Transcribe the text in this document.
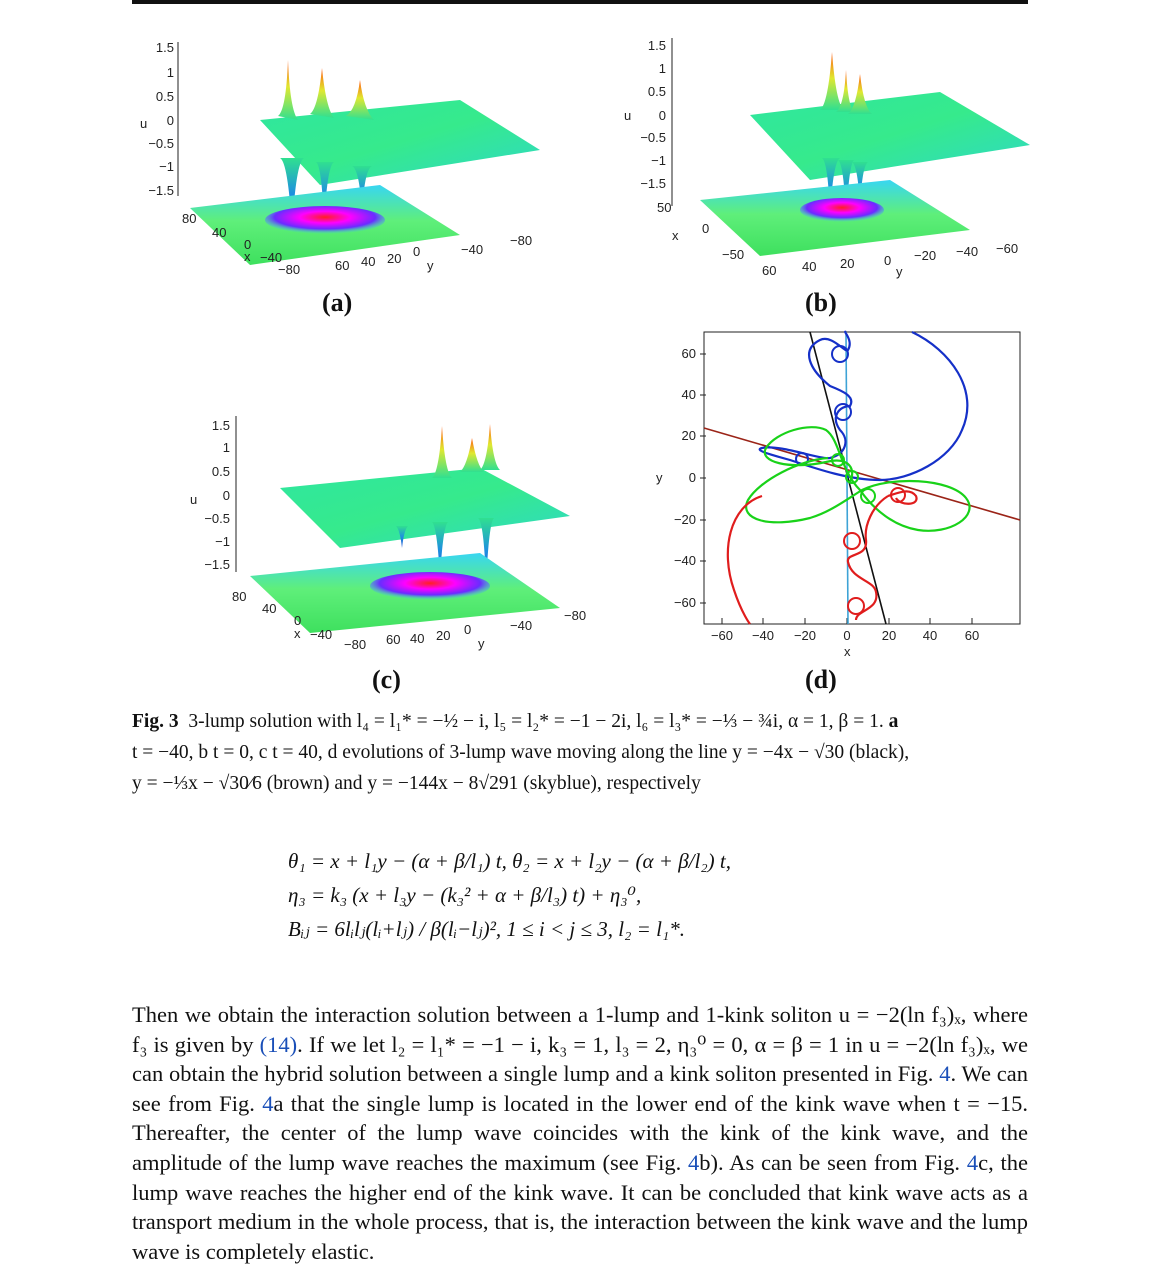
1.5
1
0.5
0
−0.5
−1
−1.5
u
80
40
0
x −40
−80	60 40 20 0
y
−40
−80
(a)
1.5
1
0.5
0
−0.5
−1
−1.5
u
50
x 0
−50
60 40 20 0
y
−20 −40 −60
(b)
1.5
1
0.5
0
−0.5
−1
−1.5
u
80
40
0
x −40
−80 60 40 20 0
y
−40
−80
(c)
60
40
20
0
−20
−40
−60
y
−60 −40 −20 0 20 40 60
x
(d)
Fig. 3 3-lump solution with l₄ = l₁* = −½ − i, l₅ = l₂* = −1 − 2i, l₆ = l₃* = −⅓ − ¾i, α = 1, β = 1. a
t = −40, b t = 0, c t = 40, d evolutions of 3-lump wave moving along the line y = −4x − √30 (black),
y = −⅓x − √30⁄6 (brown) and y = −144x − 8√291 (skyblue), respectively
θ₁ = x + l₁y − (α + β/l₁) t, θ₂ = x + l₂y − (α + β/l₂) t,
η₃ = k₃ (x + l₃y − (k₃² + α + β/l₃) t) + η₃⁰,
Bᵢⱼ = 6lᵢlⱼ(lᵢ+lⱼ) / β(lᵢ−lⱼ)², 1 ≤ i < j ≤ 3, l₂ = l₁*.
Then we obtain the interaction solution between a 1-lump and 1-kink soliton u = −2(ln f₃)ₓ, where f₃ is given by (14). If we let l₂ = l₁* = −1 − i, k₃ = 1, l₃ = 2, η₃⁰ = 0, α = β = 1 in u = −2(ln f₃)ₓ, we can obtain the hybrid solution between a single lump and a kink soliton presented in Fig. 4. We can see from Fig. 4a that the single lump is located in the lower end of the kink wave when t = −15. Thereafter, the center of the lump wave coincides with the kink of the kink wave, and the amplitude of the lump wave reaches the maximum (see Fig. 4b). As can be seen from Fig. 4c, the lump wave reaches the higher end of the kink wave. It can be concluded that kink wave acts as a transport medium in the whole process, that is, the interaction between the kink wave and the lump wave is completely elastic.
